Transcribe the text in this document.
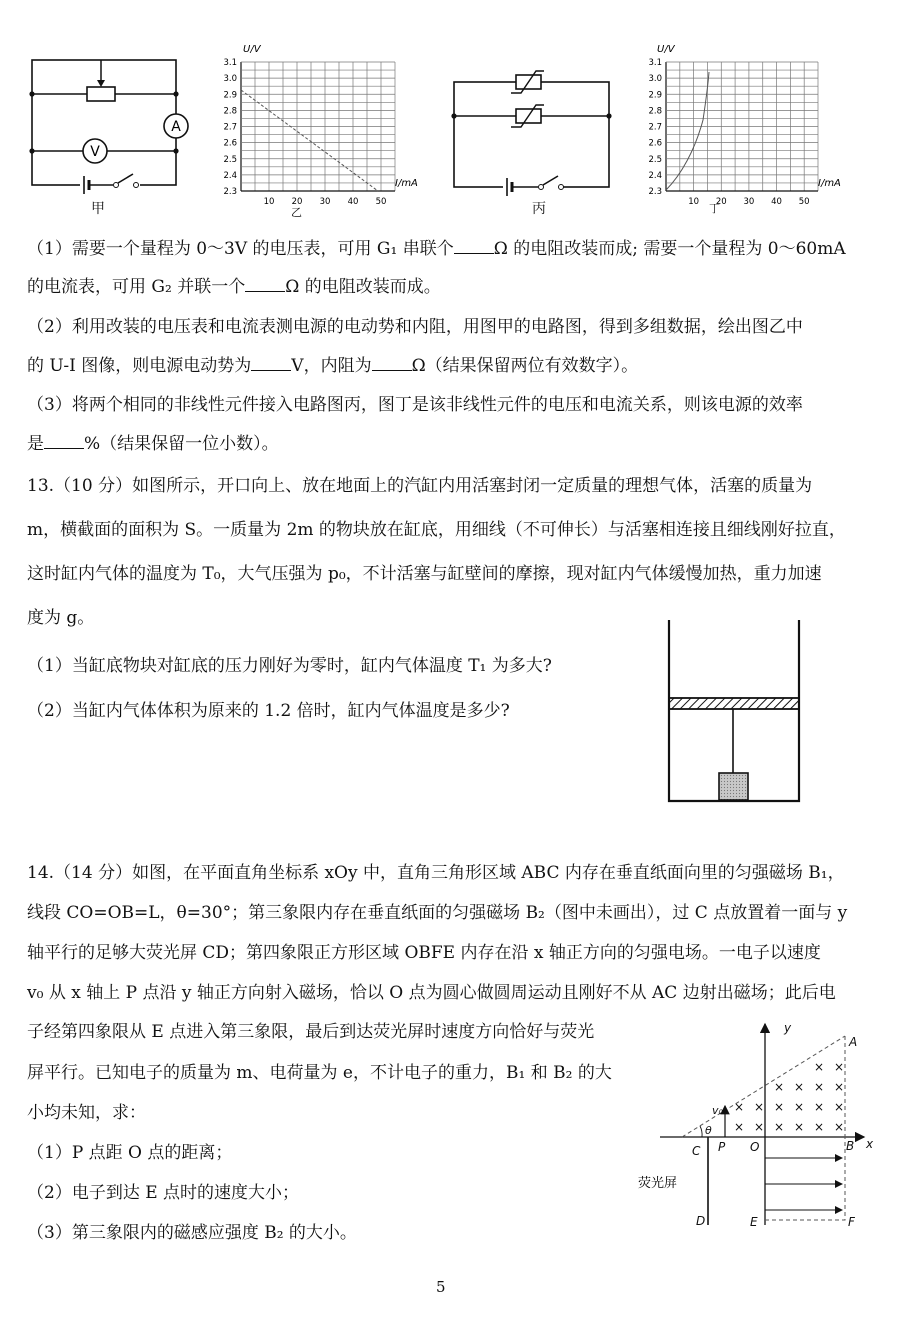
A
V
甲
U/V
I/mA
3.1
3.0
2.9
2.8
2.7
2.6
2.5
2.4
2.3
10 20 30 40 50
乙	丙
U/V
I/mA
3.1
3.0
2.9
2.8
2.7
2.6
2.5
2.4
2.3
10 20 30 40 50
丁
（1）需要一个量程为 0～3V 的电压表，可用 G₁ 串联个 Ω 的电阻改装而成; 需要一个量程为 0～60mA
的电流表，可用 G₂ 并联一个 Ω 的电阻改装而成。
（2）利用改装的电压表和电流表测电源的电动势和内阻，用图甲的电路图，得到多组数据，绘出图乙中
的 U-I 图像，则电源电动势为 V，内阻为 Ω（结果保留两位有效数字）。
（3）将两个相同的非线性元件接入电路图丙，图丁是该非线性元件的电压和电流关系，则该电源的效率
是 %（结果保留一位小数）。
13.（10 分）如图所示，开口向上、放在地面上的汽缸内用活塞封闭一定质量的理想气体，活塞的质量为
m，横截面的面积为 S。一质量为 2m 的物块放在缸底，用细线（不可伸长）与活塞相连接且细线刚好拉直，
这时缸内气体的温度为 T₀，大气压强为 p₀，不计活塞与缸壁间的摩擦，现对缸内气体缓慢加热，重力加速
度为 g。
（1）当缸底物块对缸底的压力刚好为零时，缸内气体温度 T₁ 为多大?
（2）当缸内气体体积为原来的 1.2 倍时，缸内气体温度是多少?
14.（14 分）如图，在平面直角坐标系 xOy 中，直角三角形区域 ABC 内存在垂直纸面向里的匀强磁场 B₁，
线段 CO=OB=L，θ=30°；第三象限内存在垂直纸面的匀强磁场 B₂（图中未画出），过 C 点放置着一面与 y
轴平行的足够大荧光屏 CD；第四象限正方形区域 OBFE 内存在沿 x 轴正方向的匀强电场。一电子以速度
v₀ 从 x 轴上 P 点沿 y 轴正方向射入磁场，恰以 O 点为圆心做圆周运动且刚好不从 AC 边射出磁场；此后电
子经第四象限从 E 点进入第三象限，最后到达荧光屏时速度方向恰好与荧光
屏平行。已知电子的质量为 m、电荷量为 e，不计电子的重力，B₁ 和 B₂ 的大
小均未知，求：
（1）P 点距 O 点的距离；
（2）电子到达 E 点时的速度大小；
（3）第三象限内的磁感应强度 B₂ 的大小。
× ×
× × × ×
× × × × × ×
× × × × × ×
y
x
A
B
C
D	E	F
O
P
v₀
θ
荧光屏
5
